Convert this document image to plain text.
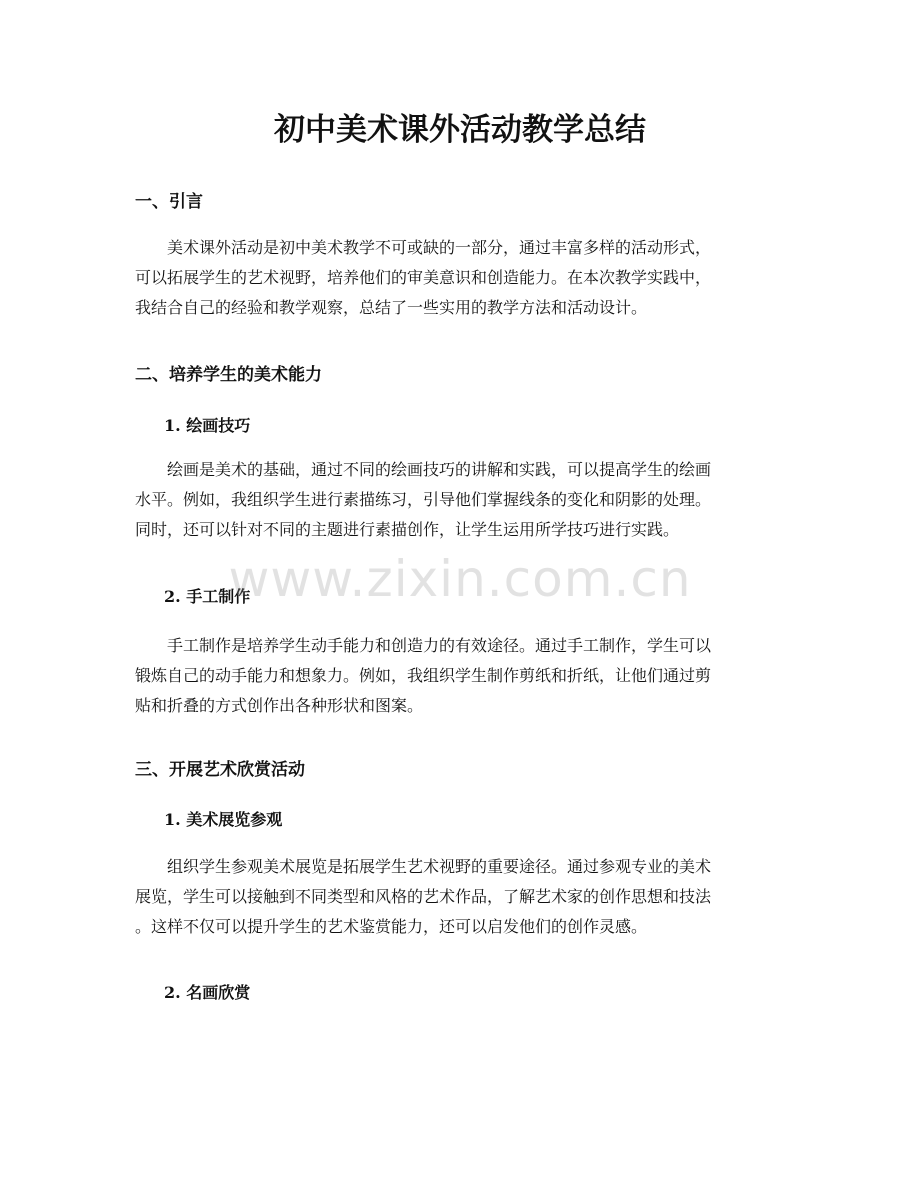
初中美术课外活动教学总结
一、引言

美术课外活动是初中美术教学不可或缺的一部分，通过丰富多样的活动形式，
可以拓展学生的艺术视野，培养他们的审美意识和创造能力。在本次教学实践中，
我结合自己的经验和教学观察，总结了一些实用的教学方法和活动设计。

二、培养学生的美术能力
1. 绘画技巧

绘画是美术的基础，通过不同的绘画技巧的讲解和实践，可以提高学生的绘画
水平。例如，我组织学生进行素描练习，引导他们掌握线条的变化和阴影的处理。
同时，还可以针对不同的主题进行素描创作，让学生运用所学技巧进行实践。

2. 手工制作

手工制作是培养学生动手能力和创造力的有效途径。通过手工制作，学生可以
锻炼自己的动手能力和想象力。例如，我组织学生制作剪纸和折纸，让他们通过剪
贴和折叠的方式创作出各种形状和图案。

三、开展艺术欣赏活动
1. 美术展览参观

组织学生参观美术展览是拓展学生艺术视野的重要途径。通过参观专业的美术
展览，学生可以接触到不同类型和风格的艺术作品，了解艺术家的创作思想和技法
。这样不仅可以提升学生的艺术鉴赏能力，还可以启发他们的创作灵感。

2. 名画欣赏
www.zixin.com.cn
